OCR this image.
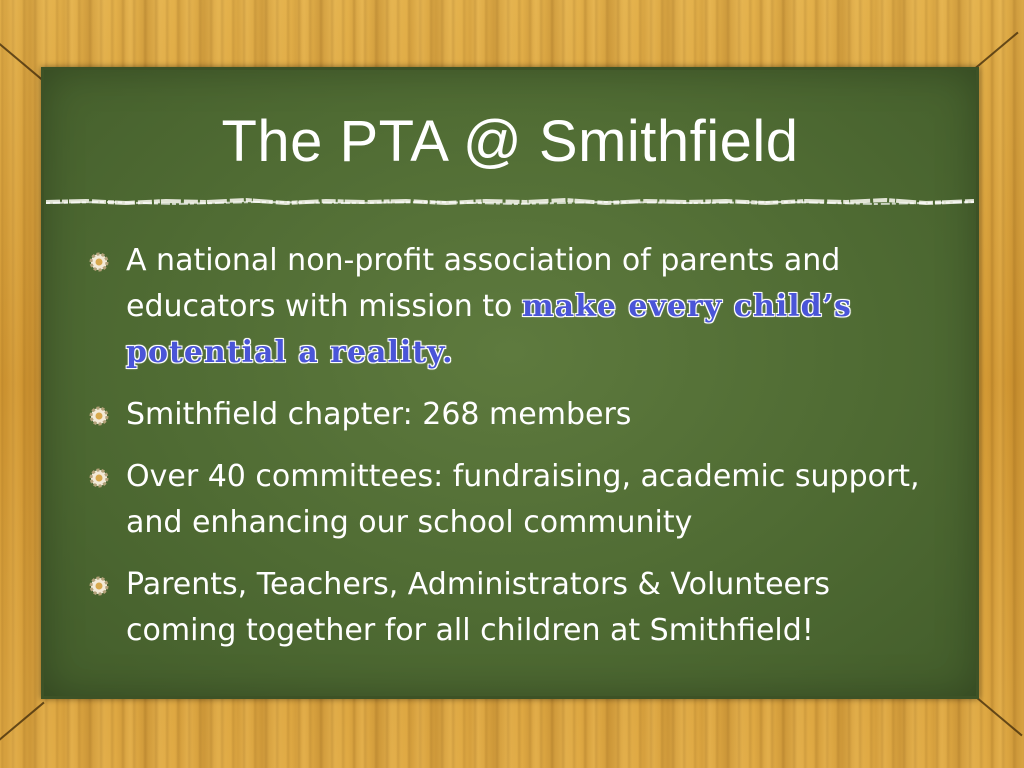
The PTA @ Smithfield
A national non-profit association of parents and educators with mission to make every child’s potential a reality.
Smithfield chapter: 268 members
Over 40 committees: fundraising, academic support, and enhancing our school community
Parents, Teachers, Administrators & Volunteers coming together for all children at Smithfield!
